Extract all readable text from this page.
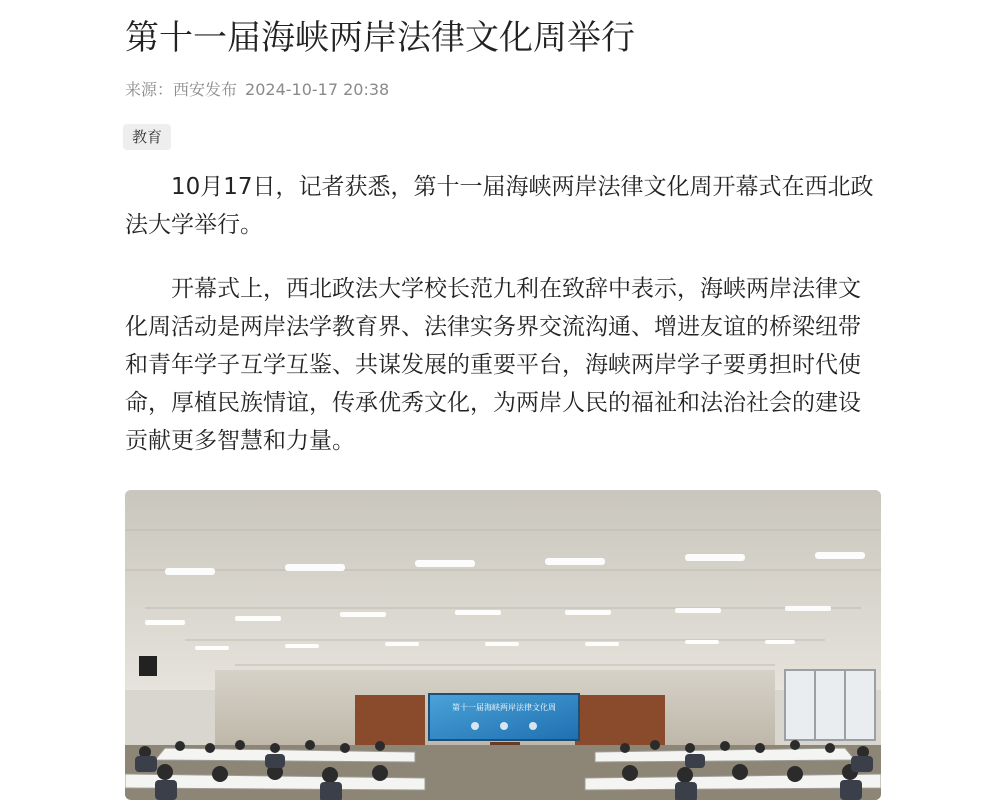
第十一届海峡两岸法律文化周举行
来源：西安发布 2024-10-17 20:38
教育

10月17日，记者获悉，第十一届海峡两岸法律文化周开幕式在西北政法大学举行。

开幕式上，西北政法大学校长范九利在致辞中表示，海峡两岸法律文化周活动是两岸法学教育界、法律实务界交流沟通、增进友谊的桥梁纽带和青年学子互学互鉴、共谋发展的重要平台，海峡两岸学子要勇担时代使命，厚植民族情谊，传承优秀文化，为两岸人民的福祉和法治社会的建设贡献更多智慧和力量。

第十一届海峡两岸法律文化周
